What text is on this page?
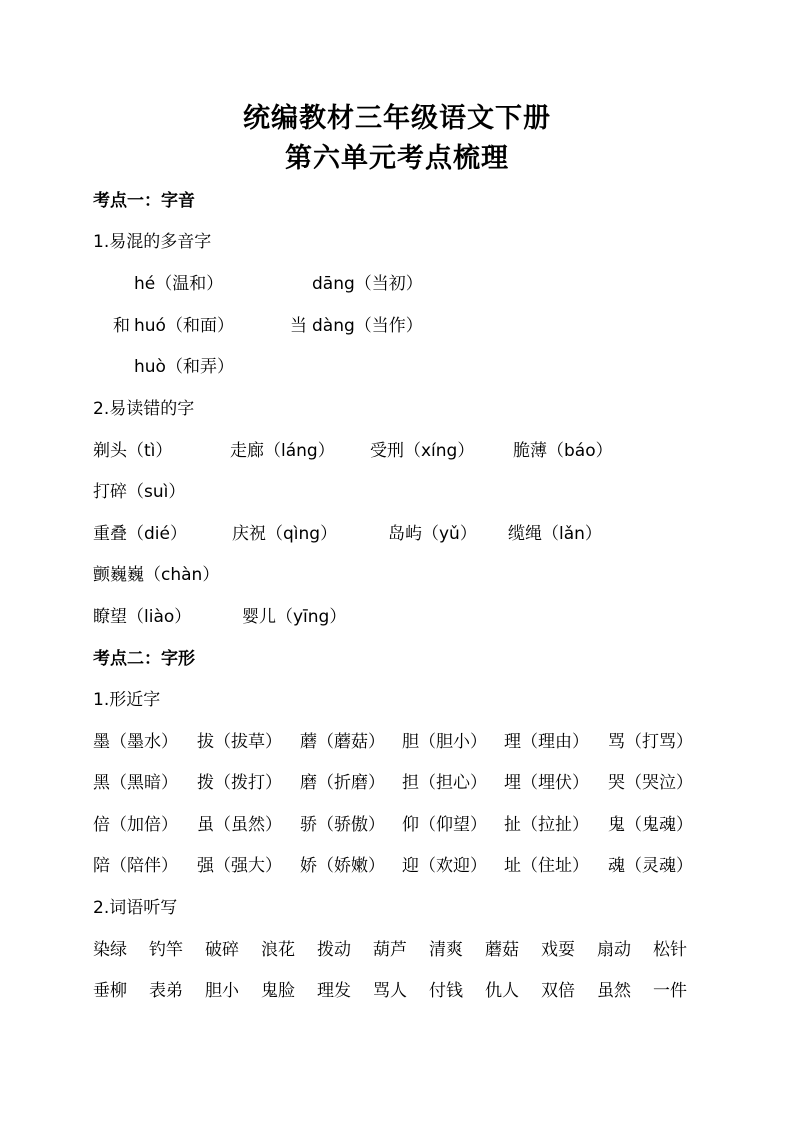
统编教材三年级语文下册
第六单元考点梳理
考点一：字音
1.易混的多音字
hé（温和）	dāng（当初）
和 huó（和面）	当 dàng（当作）
huò（和弄）
2.易读错的字
剃头（tì）	走廊（láng） 受刑（xíng） 脆薄（báo）
打碎（suì）
重叠（dié）	庆祝（qìng）	岛屿（yǔ） 缆绳（lǎn）
颤巍巍（chàn）
瞭望（liào）	婴儿（yīng）
考点二：字形
1.形近字
墨（墨水） 拔（拔草） 蘑（蘑菇） 胆（胆小） 理（理由） 骂（打骂）
黑（黑暗） 拨（拨打） 磨（折磨） 担（担心） 埋（埋伏） 哭（哭泣）
倍（加倍） 虽（虽然） 骄（骄傲） 仰（仰望） 扯（拉扯） 鬼（鬼魂）
陪（陪伴） 强（强大） 娇（娇嫩） 迎（欢迎） 址（住址） 魂（灵魂）
2.词语听写
染绿 钓竿 破碎 浪花 拨动 葫芦 清爽 蘑菇 戏耍 扇动 松针
垂柳 表弟 胆小 鬼脸 理发 骂人 付钱 仇人 双倍 虽然 一件
